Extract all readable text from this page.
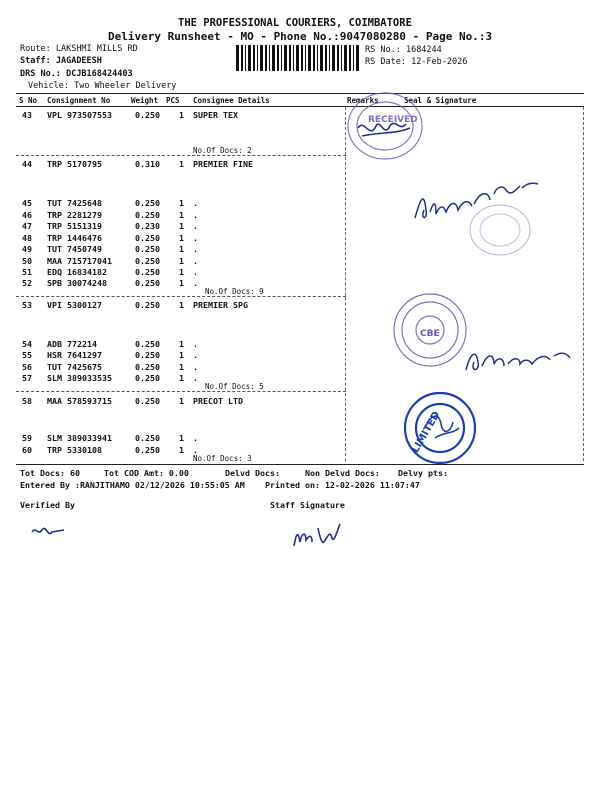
THE PROFESSIONAL COURIERS, COIMBATORE
Delivery Runsheet - MO - Phone No.:9047080280 - Page No.:3
Route: LAKSHMI MILLS RD
Staff: JAGADEESH
DRS No.: DCJB168424403
Vehicle: Two Wheeler Delivery
RS No.: 1684244
RS Date: 12-Feb-2026
S No Consignment No	Weight PCS Consignee Details	Remarks	Seal & Signature
43 VPL 973507553	0.250 1 SUPER TEX
44 TRP 5170795	0.310 1 PREMIER FINE
45 TUT 7425648	0.250 1 .
46 TRP 2281279	0.250 1 .
47 TRP 5151319	0.230 1 .
48 TRP 1446476	0.250 1 .
49 TUT 7450749	0.250 1 .
50 MAA 715717041	0.250 1 .
51 EDQ 16834182	0.250 1 .
52 SPB 30074248	0.250 1 .
53 VPI 5300127	0.250 1 PREMIER SPG
54 ADB 772214	0.250 1 .
55 HSR 7641297	0.250 1 .
56 TUT 7425675	0.250 1 .
57 SLM 389033535	0.250 1 .
58 MAA 578593715	0.250 1 PRECOT LTD
59 SLM 389033941	0.250 1 .
60 TRP 5330108	0.250 1 .
No.Of Docs: 2
No.Of Docs: 9
No.Of Docs: 5
No.Of Docs: 3
Tot Docs: 60	Tot COD Amt: 0.00	Delvd Docs:	Non Delvd Docs: Delvy pts:
Entered By :RANJITHAMO 02/12/2026 10:55:05 AM Printed on: 12-02-2026 11:07:47
Verified By	Staff Signature
RECEIVED
CBE
LIMITED
